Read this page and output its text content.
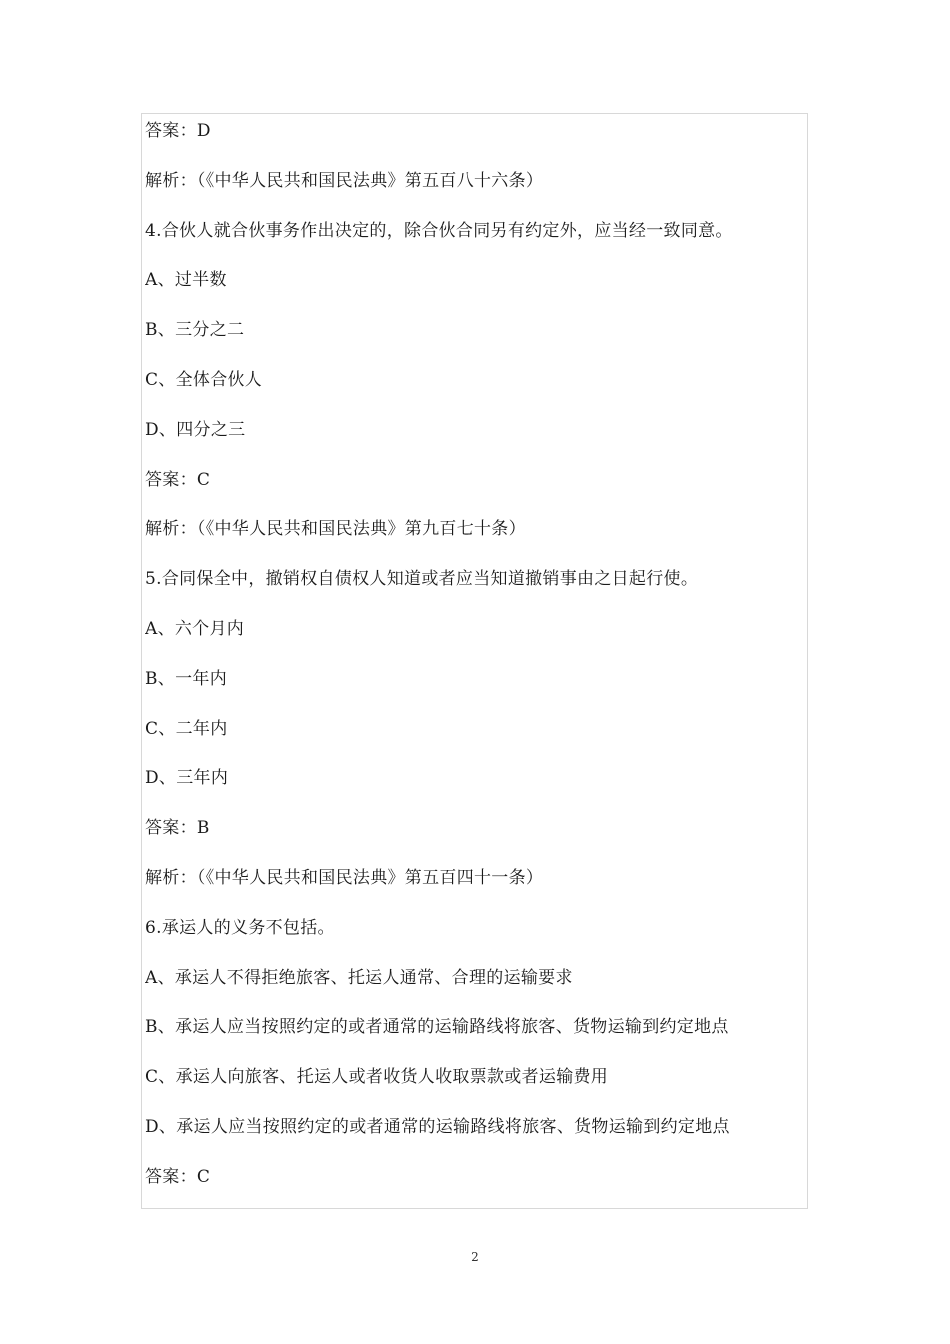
答案：D
解析：（《中华人民共和国民法典》第五百八十六条）
4.合伙人就合伙事务作出决定的，除合伙合同另有约定外，应当经一致同意。
A、过半数
B、三分之二
C、全体合伙人
D、四分之三
答案：C
解析：（《中华人民共和国民法典》第九百七十条）
5.合同保全中，撤销权自债权人知道或者应当知道撤销事由之日起行使。
A、六个月内
B、一年内
C、二年内
D、三年内
答案：B
解析：（《中华人民共和国民法典》第五百四十一条）
6.承运人的义务不包括。
A、承运人不得拒绝旅客、托运人通常、合理的运输要求
B、承运人应当按照约定的或者通常的运输路线将旅客、货物运输到约定地点
C、承运人向旅客、托运人或者收货人收取票款或者运输费用
D、承运人应当按照约定的或者通常的运输路线将旅客、货物运输到约定地点
答案：C
2
